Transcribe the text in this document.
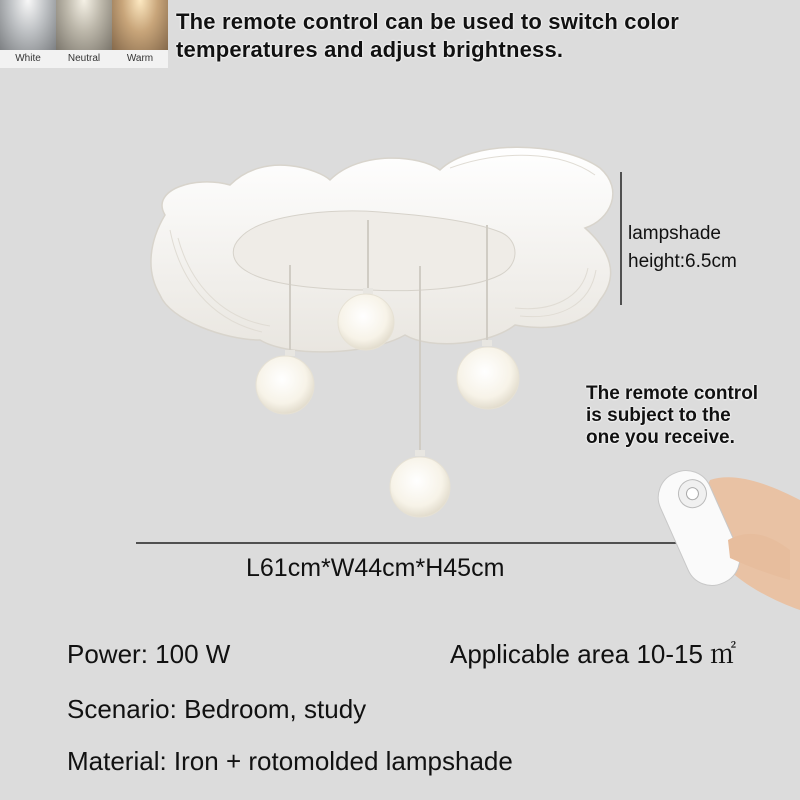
White	Neutral	Warm
The remote control can be used to switch color
temperatures and adjust brightness.
lampshade
height:6.5cm
The remote control
is subject to the
one you receive.
L61cm*W44cm*H45cm
Power: 100 W	Applicable area 10-15 ㎡
Scenario: Bedroom, study
Material: Iron + rotomolded lampshade
